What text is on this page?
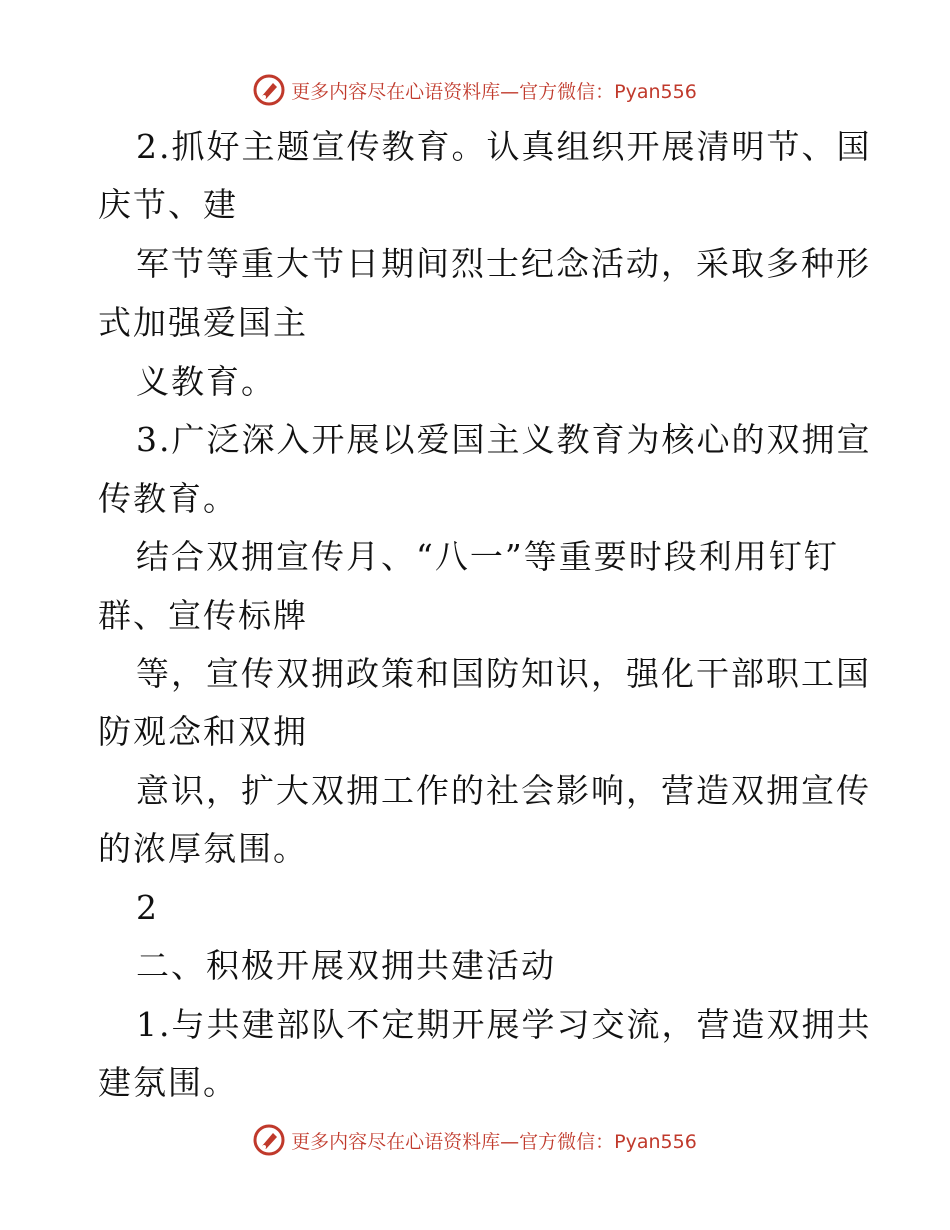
更多内容尽在心语资料库—官方微信：Pyan556
2.抓好主题宣传教育。认真组织开展清明节、国
庆节、建
军节等重大节日期间烈士纪念活动，采取多种形
式加强爱国主
义教育。
3.广泛深入开展以爱国主义教育为核心的双拥宣
传教育。
结合双拥宣传月、“八一”等重要时段利用钉钉
群、宣传标牌
等，宣传双拥政策和国防知识，强化干部职工国
防观念和双拥
意识，扩大双拥工作的社会影响，营造双拥宣传
的浓厚氛围。
2
二、积极开展双拥共建活动
1.与共建部队不定期开展学习交流，营造双拥共
建氛围。
更多内容尽在心语资料库—官方微信：Pyan556
